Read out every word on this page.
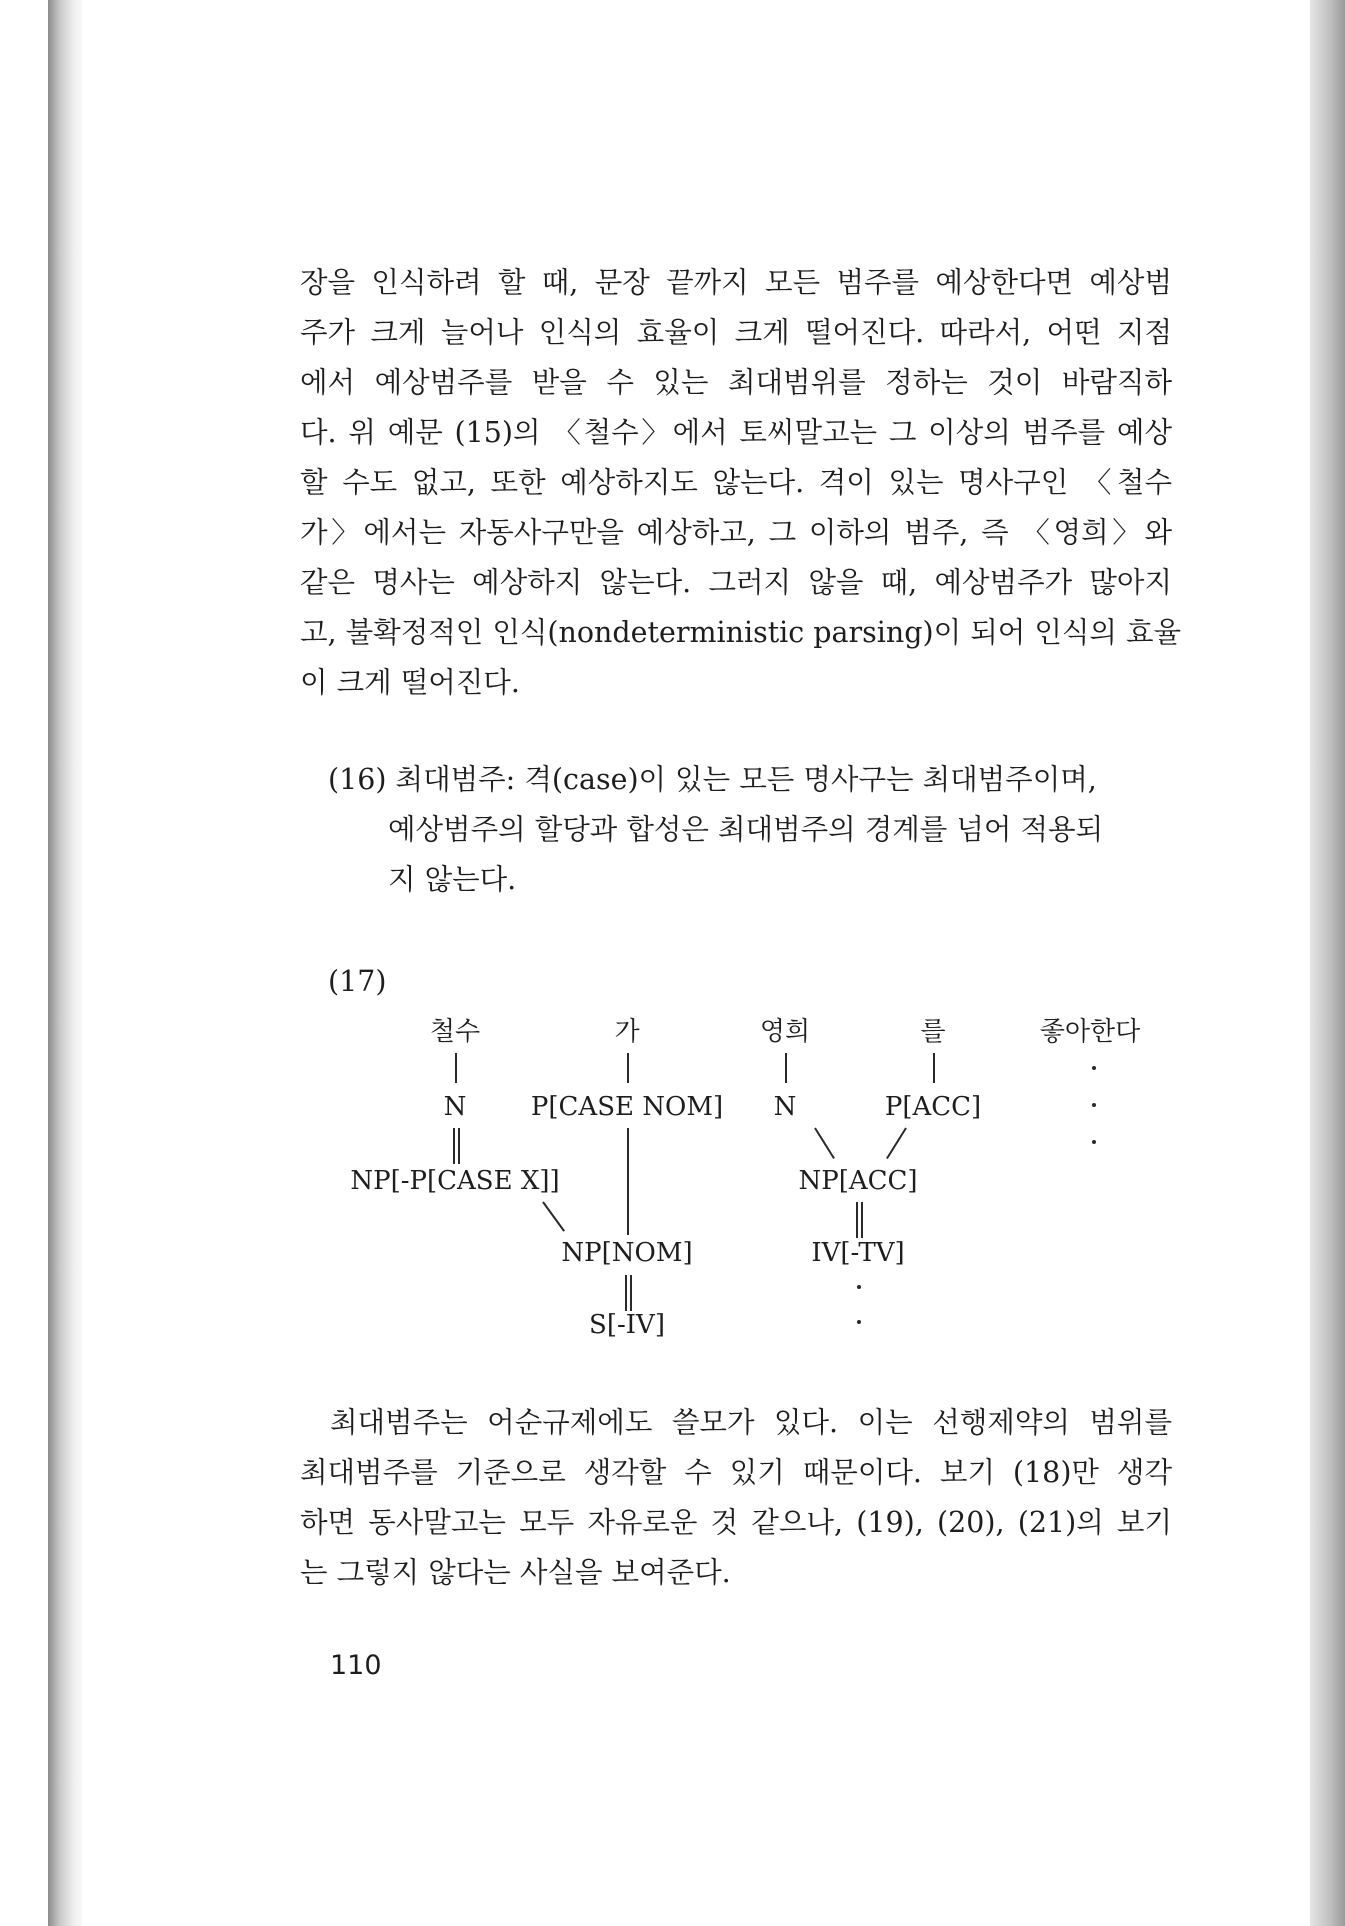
장을 인식하려 할 때, 문장 끝까지 모든 범주를 예상한다면 예상범
주가 크게 늘어나 인식의 효율이 크게 떨어진다. 따라서, 어떤 지점
에서 예상범주를 받을 수 있는 최대범위를 정하는 것이 바람직하
다. 위 예문 (15)의 〈철수〉에서 토씨말고는 그 이상의 범주를 예상
할 수도 없고, 또한 예상하지도 않는다. 격이 있는 명사구인 〈철수
가〉에서는 자동사구만을 예상하고, 그 이하의 범주, 즉 〈영희〉와
같은 명사는 예상하지 않는다. 그러지 않을 때, 예상범주가 많아지
고, 불확정적인 인식(nondeterministic parsing)이 되어 인식의 효율
이 크게 떨어진다.
(16) 최대범주: 격(case)이 있는 모든 명사구는 최대범주이며,
예상범주의 할당과 합성은 최대범주의 경계를 넘어 적용되
지 않는다.
(17)
철수	가	영희	를	좋아한다
N P[CASE NOM] N	P[ACC]
NP[-P[CASE X]]	NP[ACC]
NP[NOM]	IV[-TV]
S[-IV]
최대범주는 어순규제에도 쓸모가 있다. 이는 선행제약의 범위를
최대범주를 기준으로 생각할 수 있기 때문이다. 보기 (18)만 생각
하면 동사말고는 모두 자유로운 것 같으나, (19), (20), (21)의 보기
는 그렇지 않다는 사실을 보여준다.
110
